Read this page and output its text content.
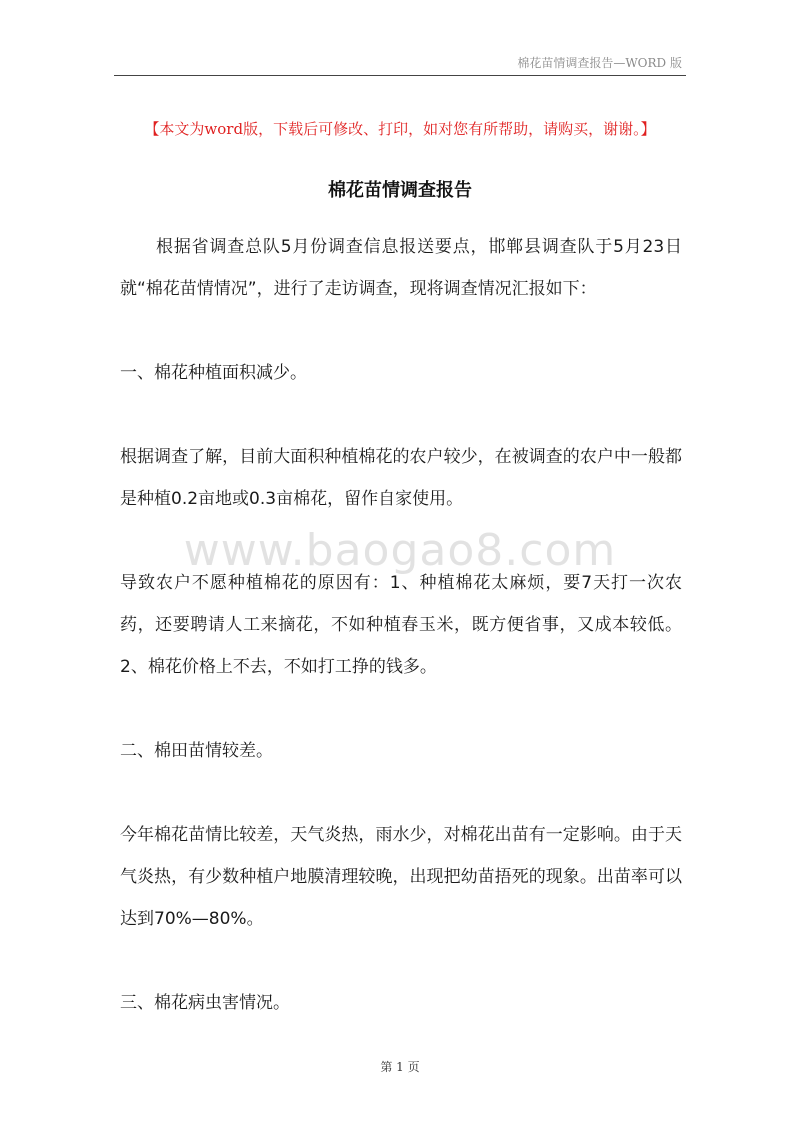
棉花苗情调查报告—WORD 版
【本文为word版，下载后可修改、打印，如对您有所帮助，请购买，谢谢。】
棉花苗情调查报告
根据省调查总队5月份调查信息报送要点，邯郸县调查队于5月23日就“棉花苗情情况”，进行了走访调查，现将调查情况汇报如下：
一、棉花种植面积减少。
根据调查了解，目前大面积种植棉花的农户较少，在被调查的农户中一般都是种植0.2亩地或0.3亩棉花，留作自家使用。
www.baogao8.com
导致农户不愿种植棉花的原因有：1、种植棉花太麻烦，要7天打一次农药，还要聘请人工来摘花，不如种植春玉米，既方便省事，又成本较低。2、棉花价格上不去，不如打工挣的钱多。
二、棉田苗情较差。
今年棉花苗情比较差，天气炎热，雨水少，对棉花出苗有一定影响。由于天气炎热，有少数种植户地膜清理较晚，出现把幼苗捂死的现象。出苗率可以达到70%—80%。
三、棉花病虫害情况。
第 1 页
